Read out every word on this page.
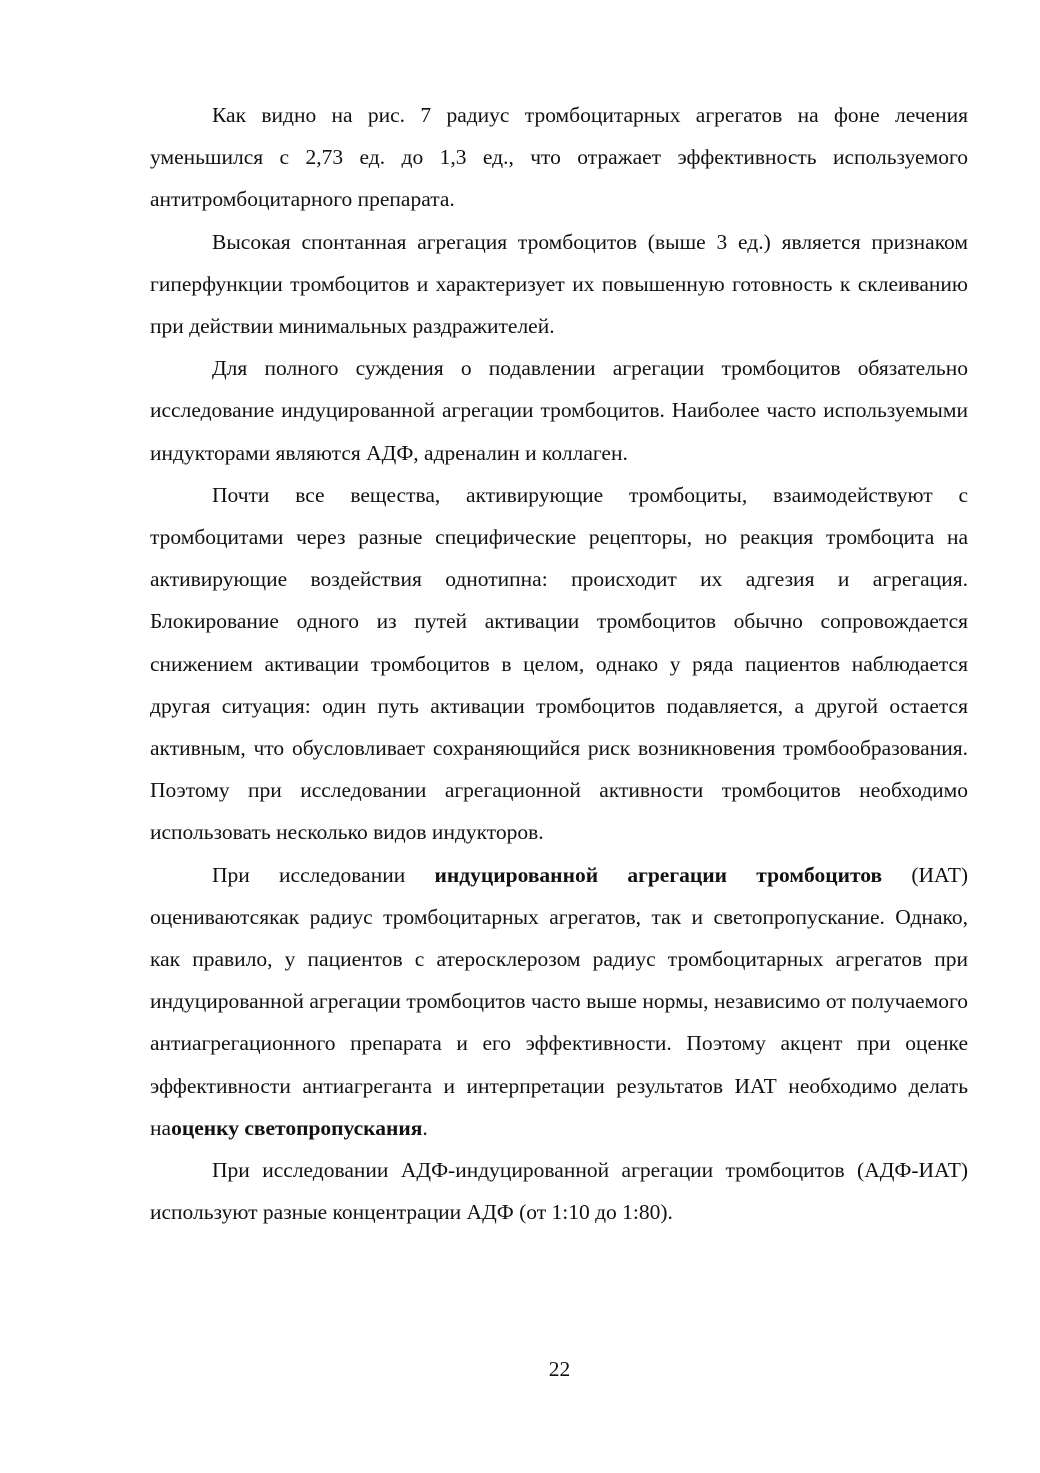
Как видно на рис. 7 радиус тромбоцитарных агрегатов на фоне лечения уменьшился с 2,73 ед. до 1,3 ед., что отражает эффективность используемого антитромбоцитарного препарата.

Высокая спонтанная агрегация тромбоцитов (выше 3 ед.) является признаком гиперфункции тромбоцитов и характеризует их повышенную готовность к склеиванию при действии минимальных раздражителей.

Для полного суждения о подавлении агрегации тромбоцитов обязательно исследование индуцированной агрегации тромбоцитов. Наиболее часто используемыми индукторами являются АДФ, адреналин и коллаген.

Почти все вещества, активирующие тромбоциты, взаимодействуют с тромбоцитами через разные специфические рецепторы, но реакция тромбоцита на активирующие воздействия однотипна: происходит их адгезия и агрегация. Блокирование одного из путей активации тромбоцитов обычно сопровождается снижением активации тромбоцитов в целом, однако у ряда пациентов наблюдается другая ситуация: один путь активации тромбоцитов подавляется, а другой остается активным, что обусловливает сохраняющийся риск возникновения тромбообразования. Поэтому при исследовании агрегационной активности тромбоцитов необходимо использовать несколько видов индукторов.

При исследовании индуцированной агрегации тромбоцитов (ИАТ) оцениваютсякак радиус тромбоцитарных агрегатов, так и светопропускание. Однако, как правило, у пациентов с атеросклерозом радиус тромбоцитарных агрегатов при индуцированной агрегации тромбоцитов часто выше нормы, независимо от получаемого антиагрегационного препарата и его эффективности. Поэтому акцент при оценке эффективности антиагреганта и интерпретации результатов ИАТ необходимо делать наоценку светопропускания.

При исследовании АДФ-индуцированной агрегации тромбоцитов (АДФ-ИАТ) используют разные концентрации АДФ (от 1:10 до 1:80).

22
